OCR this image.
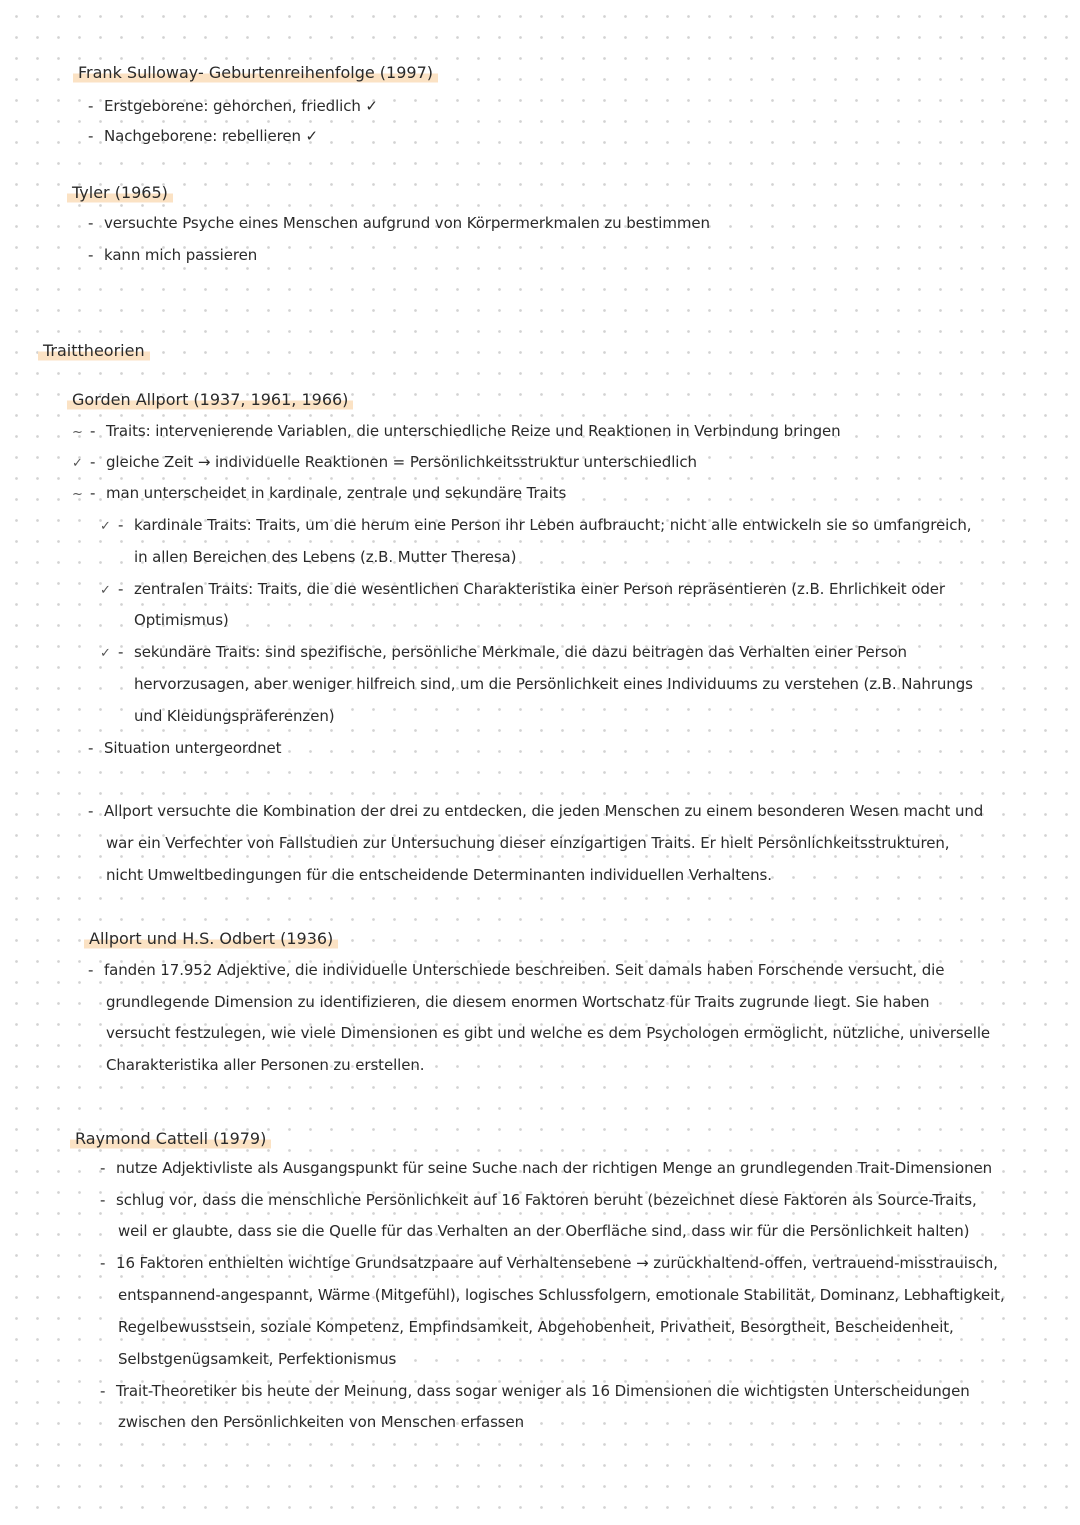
Frank Sulloway- Geburtenreihenfolge (1997)
- Erstgeborene: gehorchen, friedlich ✓
- Nachgeborene: rebellieren ✓
Tyler (1965)
- versuchte Psyche eines Menschen aufgrund von Körpermerkmalen zu bestimmen
- kann mich passieren
Traittheorien
Gorden Allport (1937, 1961, 1966)
~ - Traits: intervenierende Variablen, die unterschiedliche Reize und Reaktionen in Verbindung bringen
✓ - gleiche Zeit → individuelle Reaktionen = Persönlichkeitsstruktur unterschiedlich
~ - man unterscheidet in kardinale, zentrale und sekundäre Traits
✓ - kardinale Traits: Traits, um die herum eine Person ihr Leben aufbraucht; nicht alle entwickeln sie so umfangreich,
in allen Bereichen des Lebens (z.B. Mutter Theresa)
✓ - zentralen Traits: Traits, die die wesentlichen Charakteristika einer Person repräsentieren (z.B. Ehrlichkeit oder
Optimismus)
✓ - sekundäre Traits: sind spezifische, persönliche Merkmale, die dazu beitragen das Verhalten einer Person
hervorzusagen, aber weniger hilfreich sind, um die Persönlichkeit eines Individuums zu verstehen (z.B. Nahrungs
und Kleidungspräferenzen)
- Situation untergeordnet
- Allport versuchte die Kombination der drei zu entdecken, die jeden Menschen zu einem besonderen Wesen macht und
war ein Verfechter von Fallstudien zur Untersuchung dieser einzigartigen Traits. Er hielt Persönlichkeitsstrukturen,
nicht Umweltbedingungen für die entscheidende Determinanten individuellen Verhaltens.
Allport und H.S. Odbert (1936)
- fanden 17.952 Adjektive, die individuelle Unterschiede beschreiben. Seit damals haben Forschende versucht, die
grundlegende Dimension zu identifizieren, die diesem enormen Wortschatz für Traits zugrunde liegt. Sie haben
versucht festzulegen, wie viele Dimensionen es gibt und welche es dem Psychologen ermöglicht, nützliche, universelle
Charakteristika aller Personen zu erstellen.
Raymond Cattell (1979)
- nutze Adjektivliste als Ausgangspunkt für seine Suche nach der richtigen Menge an grundlegenden Trait-Dimensionen
- schlug vor, dass die menschliche Persönlichkeit auf 16 Faktoren beruht (bezeichnet diese Faktoren als Source-Traits,
weil er glaubte, dass sie die Quelle für das Verhalten an der Oberfläche sind, dass wir für die Persönlichkeit halten)
- 16 Faktoren enthielten wichtige Grundsatzpaare auf Verhaltensebene → zurückhaltend-offen, vertrauend-misstrauisch,
entspannend-angespannt, Wärme (Mitgefühl), logisches Schlussfolgern, emotionale Stabilität, Dominanz, Lebhaftigkeit,
Regelbewusstsein, soziale Kompetenz, Empfindsamkeit, Abgehobenheit, Privatheit, Besorgtheit, Bescheidenheit,
Selbstgenügsamkeit, Perfektionismus
- Trait-Theoretiker bis heute der Meinung, dass sogar weniger als 16 Dimensionen die wichtigsten Unterscheidungen
zwischen den Persönlichkeiten von Menschen erfassen
